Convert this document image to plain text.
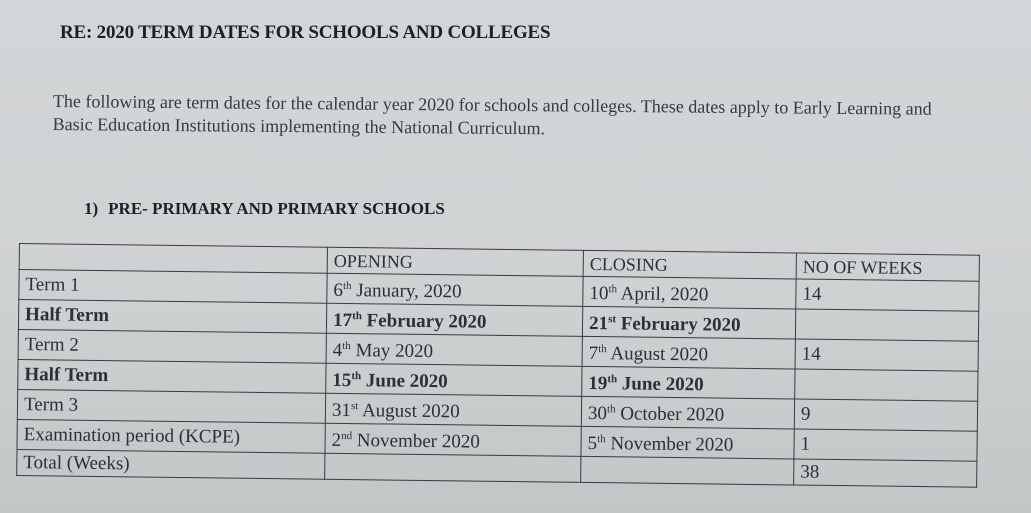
RE: 2020 TERM DATES FOR SCHOOLS AND COLLEGES
The following are term dates for the calendar year 2020 for schools and colleges. These dates apply to Early Learning and Basic Education Institutions implementing the National Curriculum.
1) PRE- PRIMARY AND PRIMARY SCHOOLS
	OPENING	CLOSING	NO OF WEEKS
Term 1	6th January, 2020	10th April, 2020	14
Half Term	17th February 2020	21st February 2020	
Term 2	4th May 2020	7th August 2020	14
Half Term	15th June 2020	19th June 2020	
Term 3	31st August 2020	30th October 2020	9
Examination period (KCPE)	2nd November 2020	5th November 2020	1
Total (Weeks)			38
